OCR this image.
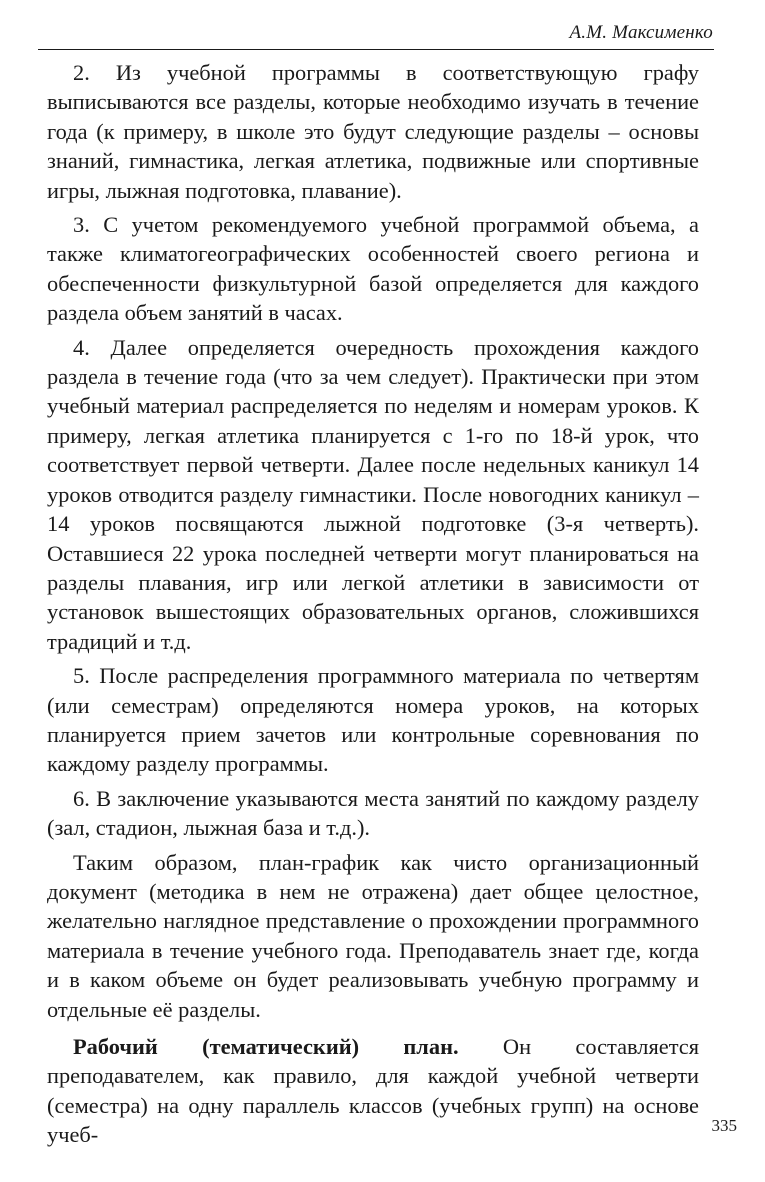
А.М. Максименко

2. Из учебной программы в соответствующую графу выписываются все разделы, которые необходимо изучать в течение года (к примеру, в школе это будут следующие разделы – основы знаний, гимнастика, легкая атлетика, подвижные или спортивные игры, лыжная подготовка, плавание).

3. С учетом рекомендуемого учебной программой объема, а также климатогеографических особенностей своего региона и обеспеченности физкультурной базой определяется для каждого раздела объем занятий в часах.

4. Далее определяется очередность прохождения каждого раздела в течение года (что за чем следует). Практически при этом учебный материал распределяется по неделям и номерам уроков. К примеру, легкая атлетика планируется с 1-го по 18-й урок, что соответствует первой четверти. Далее после недельных каникул 14 уроков отводится разделу гимнастики. После новогодних каникул – 14 уроков посвящаются лыжной подготовке (3-я четверть). Оставшиеся 22 урока последней четверти могут планироваться на разделы плавания, игр или легкой атлетики в зависимости от установок вышестоящих образовательных органов, сложившихся традиций и т.д.

5. После распределения программного материала по четвертям (или семестрам) определяются номера уроков, на которых планируется прием зачетов или контрольные соревнования по каждому разделу программы.

6. В заключение указываются места занятий по каждому разделу (зал, стадион, лыжная база и т.д.).

Таким образом, план-график как чисто организационный документ (методика в нем не отражена) дает общее целостное, желательно наглядное представление о прохождении программного материала в течение учебного года. Преподаватель знает где, когда и в каком объеме он будет реализовывать учебную программу и отдельные её разделы.

Рабочий (тематический) план. Он составляется преподавателем, как правило, для каждой учебной четверти (семестра) на одну параллель классов (учебных групп) на основе учеб-	335
